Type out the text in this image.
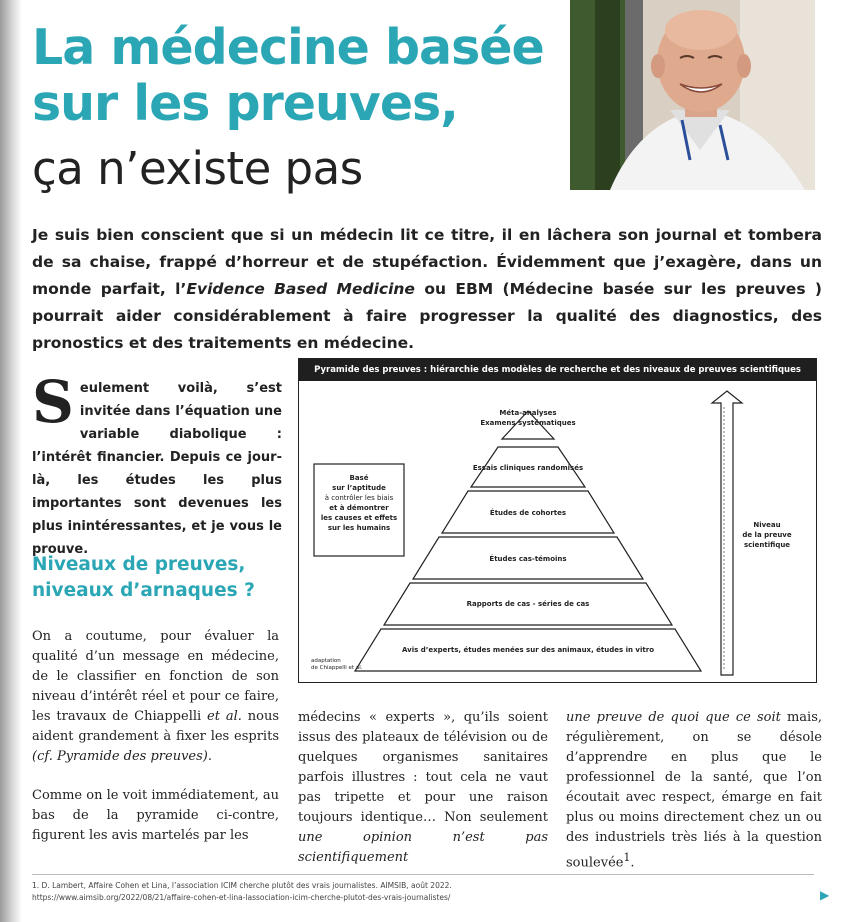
La médecine basée
sur les preuves,
ça n’existe pas
Je suis bien conscient que si un médecin lit ce titre, il en lâchera son journal et tombera de sa chaise, frappé d’horreur et de stupéfaction. Évidemment que j’exagère, dans un monde parfait, l’Evidence Based Medicine ou EBM (Médecine basée sur les preuves ) pourrait aider considérablement à faire progresser la qualité des diagnostics, des pronostics et des traitements en médecine.
Seulement voilà, s’est invitée dans l’équation une variable diabolique : l’intérêt financier. Depuis ce jour-là, les études les plus importantes sont devenues les plus inintéressantes, et je vous le prouve.
Niveaux de preuves,
niveaux d’arnaques ?
On a coutume, pour évaluer la qualité d’un message en médecine, de le classifier en fonction de son niveau d’intérêt réel et pour ce faire, les travaux de Chiappelli et al. nous aident grandement à fixer les esprits (cf. Pyramide des preuves).
Comme on le voit immédiatement, au bas de la pyramide ci-contre, figurent les avis martelés par les
médecins « experts », qu’ils soient issus des plateaux de télévision ou de quelques organismes sanitaires parfois illustres : tout cela ne vaut pas tripette et pour une raison toujours identique… Non seulement une opinion n’est pas scientifiquement
une preuve de quoi que ce soit mais, régulièrement, on se désole d’apprendre en plus que le professionnel de la santé, que l’on écoutait avec respect, émarge en fait plus ou moins directement chez un ou des industriels très liés à la question soulevée$^1$.
Pyramide des preuves : hiérarchie des modèles de recherche et des niveaux de preuves scientifiques
Méta-analyses
Examens systématiques
Essais cliniques randomisés
Études de cohortes
Études cas-témoins
Rapports de cas - séries de cas
Avis d’experts, études menées sur des animaux, études in vitro
Basé
sur l’aptitude
à contrôler les biais
et à démontrer
les causes et effets
sur les humains	Niveau
de la preuve
scientifique
adaptation
de Chiappelli et al.
1. D. Lambert, Affaire Cohen et Lina, l’association ICIM cherche plutôt des vrais journalistes. AIMSIB, août 2022.
https://www.aimsib.org/2022/08/21/affaire-cohen-et-lina-lassociation-icim-cherche-plutot-des-vrais-journalistes/	▶
